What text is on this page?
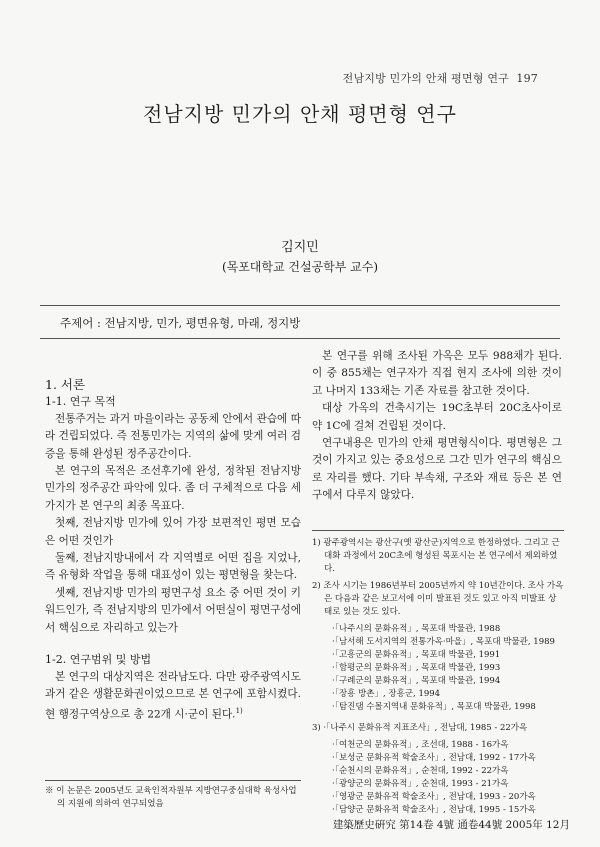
전남지방 민가의 안채 평면형 연구 197
전남지방 민가의 안채 평면형 연구
김지민
(목포대학교 건설공학부 교수)
주제어 : 전남지방, 민가, 평면유형, 마래, 정지방

1. 서론

1-1. 연구 목적

전통주거는 과거 마을이라는 공동체 안에서 관습에 따라 건립되었다. 즉 전통민가는 지역의 삶에 맞게 여러 검증을 통해 완성된 정주공간이다.

본 연구의 목적은 조선후기에 완성, 정착된 전남지방 민가의 정주공간 파악에 있다. 좀 더 구체적으로 다음 세가지가 본 연구의 최종 목표다.

첫째, 전남지방 민가에 있어 가장 보편적인 평면 모습은 어떤 것인가

둘째, 전남지방내에서 각 지역별로 어떤 집을 지었나, 즉 유형화 작업을 통해 대표성이 있는 평면형을 찾는다.

셋째, 전남지방 민가의 평면구성 요소 중 어떤 것이 키워드인가, 즉 전남지방의 민가에서 어떤실이 평면구성에서 핵심으로 자리하고 있는가

1-2. 연구범위 및 방법

본 연구의 대상지역은 전라남도다. 다만 광주광역시도 과거 같은 생활문화권이었으므로 본 연구에 포함시켰다. 현 행정구역상으로 총 22개 시·군이 된다.$^{1)}$

※ 이 논문은 2005년도 교육인적자원부 지방연구중심대학 육성사업의 지원에 의하여 연구되었음

본 연구를 위해 조사된 가옥은 모두 988채가 된다. 이 중 855채는 연구자가 직접 현지 조사에 의한 것이고 나머지 133채는 기존 자료를 참고한 것이다.

대상 가옥의 건축시기는 19C초부터 20C초사이로 약 1C에 걸쳐 건립된 것이다.

연구내용은 민가의 안채 평면형식이다. 평면형은 그것이 가지고 있는 중요성으로 그간 민가 연구의 핵심으로 자리를 했다. 기타 부속채, 구조와 재료 등은 본 연구에서 다루지 않았다.

1) 광주광역시는 광산구(옛 광산군)지역으로 한정하였다. 그리고 근대화 과정에서 20C초에 형성된 목포시는 본 연구에서 제외하였다.
2) 조사 시기는 1986년부터 2005년까지 약 10년간이다. 조사 가옥은 다음과 같은 보고서에 이미 발표된 것도 있고 아직 미발표 상태로 있는 것도 있다.
·「나주시의 문화유적」, 목포대 박물관, 1988
·「남서해 도서지역의 전통가옥·마을」, 목포대 박물관, 1989
·「고흥군의 문화유적」, 목포대 박물관, 1991
·「함평군의 문화유적」, 목포대 박물관, 1993
·「구례군의 문화유적」, 목포대 박물관, 1994
·「장흥 방촌」, 장흥군, 1994
·「탐진댐 수몰지역내 문화유적」, 목포대 박물관, 1998
3) ·「나주시 문화유적 지표조사」, 전남대, 1985 - 22가옥
·「여천군의 문화유적」, 조선대, 1988 - 16가옥
·「보성군 문화유적 학술조사」, 전남대, 1992 - 17가옥
·「순천시의 문화유적」, 순천대, 1992 - 22가옥
·「광양군의 문화유적」, 순천대, 1993 - 21가옥
·「영광군 문화유적 학술조사」, 전남대, 1993 - 20가옥
·「담양군 문화유적 학술조사」, 전남대, 1995 - 15가옥
建築歷史硏究 第14卷 4號 通卷44號 2005年 12月
